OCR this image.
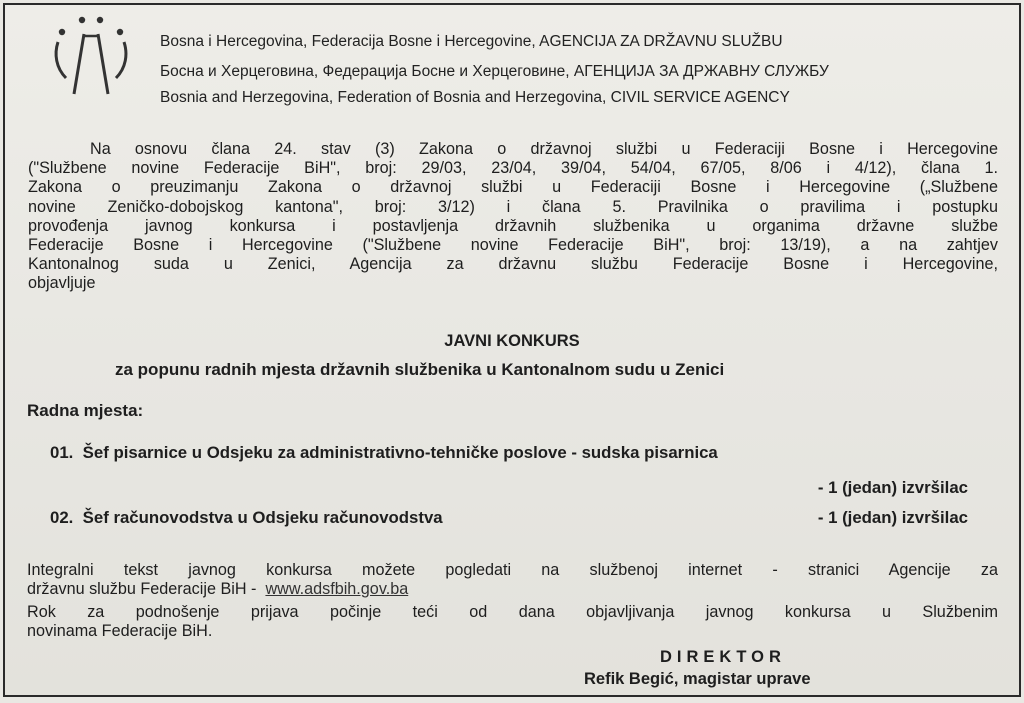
Bosna i Hercegovina, Federacija Bosne i Hercegovine, AGENCIJA ZA DRŽAVNU SLUŽBU
Босна и Херцеговина, Федерација Босне и Херцеговине, АГЕНЦИЈА ЗА ДРЖАВНУ СЛУЖБУ
Bosnia and Herzegovina, Federation of Bosnia and Herzegovina, CIVIL SERVICE AGENCY
Na osnovu člana 24. stav (3) Zakona o državnoj službi u Federaciji Bosne i Hercegovine
("Službene novine Federacije BiH", broj: 29/03, 23/04, 39/04, 54/04, 67/05, 8/06 i 4/12), člana 1.
Zakona o preuzimanju Zakona o državnoj službi u Federaciji Bosne i Hercegovine („Službene
novine Zeničko-dobojskog kantona", broj: 3/12) i člana 5. Pravilnika o pravilima i postupku
provođenja javnog konkursa i postavljenja državnih službenika u organima državne službe
Federacije Bosne i Hercegovine ("Službene novine Federacije BiH", broj: 13/19), a na zahtjev
Kantonalnog suda u Zenici, Agencija za državnu službu Federacije Bosne i Hercegovine,
objavljuje
JAVNI KONKURS
za popunu radnih mjesta državnih službenika u Kantonalnom sudu u Zenici
Radna mjesta:
01. Šef pisarnice u Odsjeku za administrativno-tehničke poslove - sudska pisarnica
- 1 (jedan) izvršilac
02. Šef računovodstva u Odsjeku računovodstva	- 1 (jedan) izvršilac
Integralni tekst javnog konkursa možete pogledati na službenoj internet - stranici Agencije za
državnu službu Federacije BiH - www.adsfbih.gov.ba
Rok za podnošenje prijava počinje teći od dana objavljivanja javnog konkursa u Službenim
novinama Federacije BiH.
DIREKTOR
Refik Begić, magistar uprave
